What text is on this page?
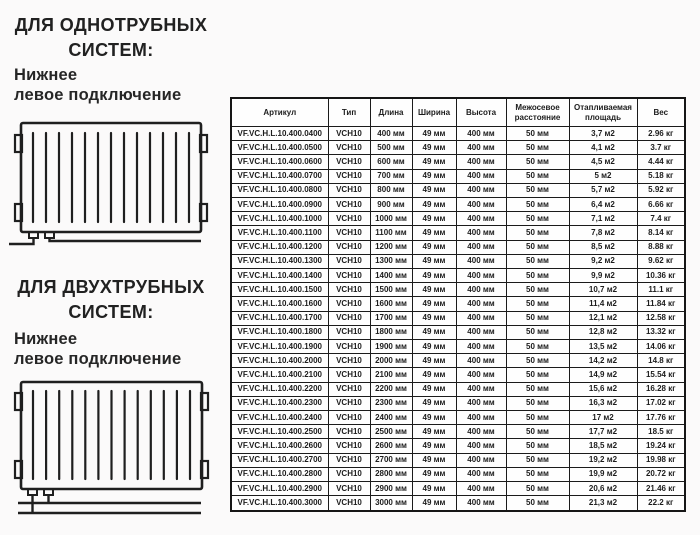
ДЛЯ ОДНОТРУБНЫХ
СИСТЕМ:
Нижнее
левое подключение
ДЛЯ ДВУХТРУБНЫХ
СИСТЕМ:
Нижнее
левое подключение
Артикул	Тип	Длина	Ширина	Высота	Межосевое расстояние	Отапливаемая площадь	Вес
VF.VC.H.L.10.400.0400	VCH10	400 мм	49 мм	400 мм	50 мм	3,7 м2	2.96 кг
VF.VC.H.L.10.400.0500	VCH10	500 мм	49 мм	400 мм	50 мм	4,1 м2	3.7 кг
VF.VC.H.L.10.400.0600	VCH10	600 мм	49 мм	400 мм	50 мм	4,5 м2	4.44 кг
VF.VC.H.L.10.400.0700	VCH10	700 мм	49 мм	400 мм	50 мм	5 м2	5.18 кг
VF.VC.H.L.10.400.0800	VCH10	800 мм	49 мм	400 мм	50 мм	5,7 м2	5.92 кг
VF.VC.H.L.10.400.0900	VCH10	900 мм	49 мм	400 мм	50 мм	6,4 м2	6.66 кг
VF.VC.H.L.10.400.1000	VCH10	1000 мм	49 мм	400 мм	50 мм	7,1 м2	7.4 кг
VF.VC.H.L.10.400.1100	VCH10	1100 мм	49 мм	400 мм	50 мм	7,8 м2	8.14 кг
VF.VC.H.L.10.400.1200	VCH10	1200 мм	49 мм	400 мм	50 мм	8,5 м2	8.88 кг
VF.VC.H.L.10.400.1300	VCH10	1300 мм	49 мм	400 мм	50 мм	9,2 м2	9.62 кг
VF.VC.H.L.10.400.1400	VCH10	1400 мм	49 мм	400 мм	50 мм	9,9 м2	10.36 кг
VF.VC.H.L.10.400.1500	VCH10	1500 мм	49 мм	400 мм	50 мм	10,7 м2	11.1 кг
VF.VC.H.L.10.400.1600	VCH10	1600 мм	49 мм	400 мм	50 мм	11,4 м2	11.84 кг
VF.VC.H.L.10.400.1700	VCH10	1700 мм	49 мм	400 мм	50 мм	12,1 м2	12.58 кг
VF.VC.H.L.10.400.1800	VCH10	1800 мм	49 мм	400 мм	50 мм	12,8 м2	13.32 кг
VF.VC.H.L.10.400.1900	VCH10	1900 мм	49 мм	400 мм	50 мм	13,5 м2	14.06 кг
VF.VC.H.L.10.400.2000	VCH10	2000 мм	49 мм	400 мм	50 мм	14,2 м2	14.8 кг
VF.VC.H.L.10.400.2100	VCH10	2100 мм	49 мм	400 мм	50 мм	14,9 м2	15.54 кг
VF.VC.H.L.10.400.2200	VCH10	2200 мм	49 мм	400 мм	50 мм	15,6 м2	16.28 кг
VF.VC.H.L.10.400.2300	VCH10	2300 мм	49 мм	400 мм	50 мм	16,3 м2	17.02 кг
VF.VC.H.L.10.400.2400	VCH10	2400 мм	49 мм	400 мм	50 мм	17 м2	17.76 кг
VF.VC.H.L.10.400.2500	VCH10	2500 мм	49 мм	400 мм	50 мм	17,7 м2	18.5 кг
VF.VC.H.L.10.400.2600	VCH10	2600 мм	49 мм	400 мм	50 мм	18,5 м2	19.24 кг
VF.VC.H.L.10.400.2700	VCH10	2700 мм	49 мм	400 мм	50 мм	19,2 м2	19.98 кг
VF.VC.H.L.10.400.2800	VCH10	2800 мм	49 мм	400 мм	50 мм	19,9 м2	20.72 кг
VF.VC.H.L.10.400.2900	VCH10	2900 мм	49 мм	400 мм	50 мм	20,6 м2	21.46 кг
VF.VC.H.L.10.400.3000	VCH10	3000 мм	49 мм	400 мм	50 мм	21,3 м2	22.2 кг
